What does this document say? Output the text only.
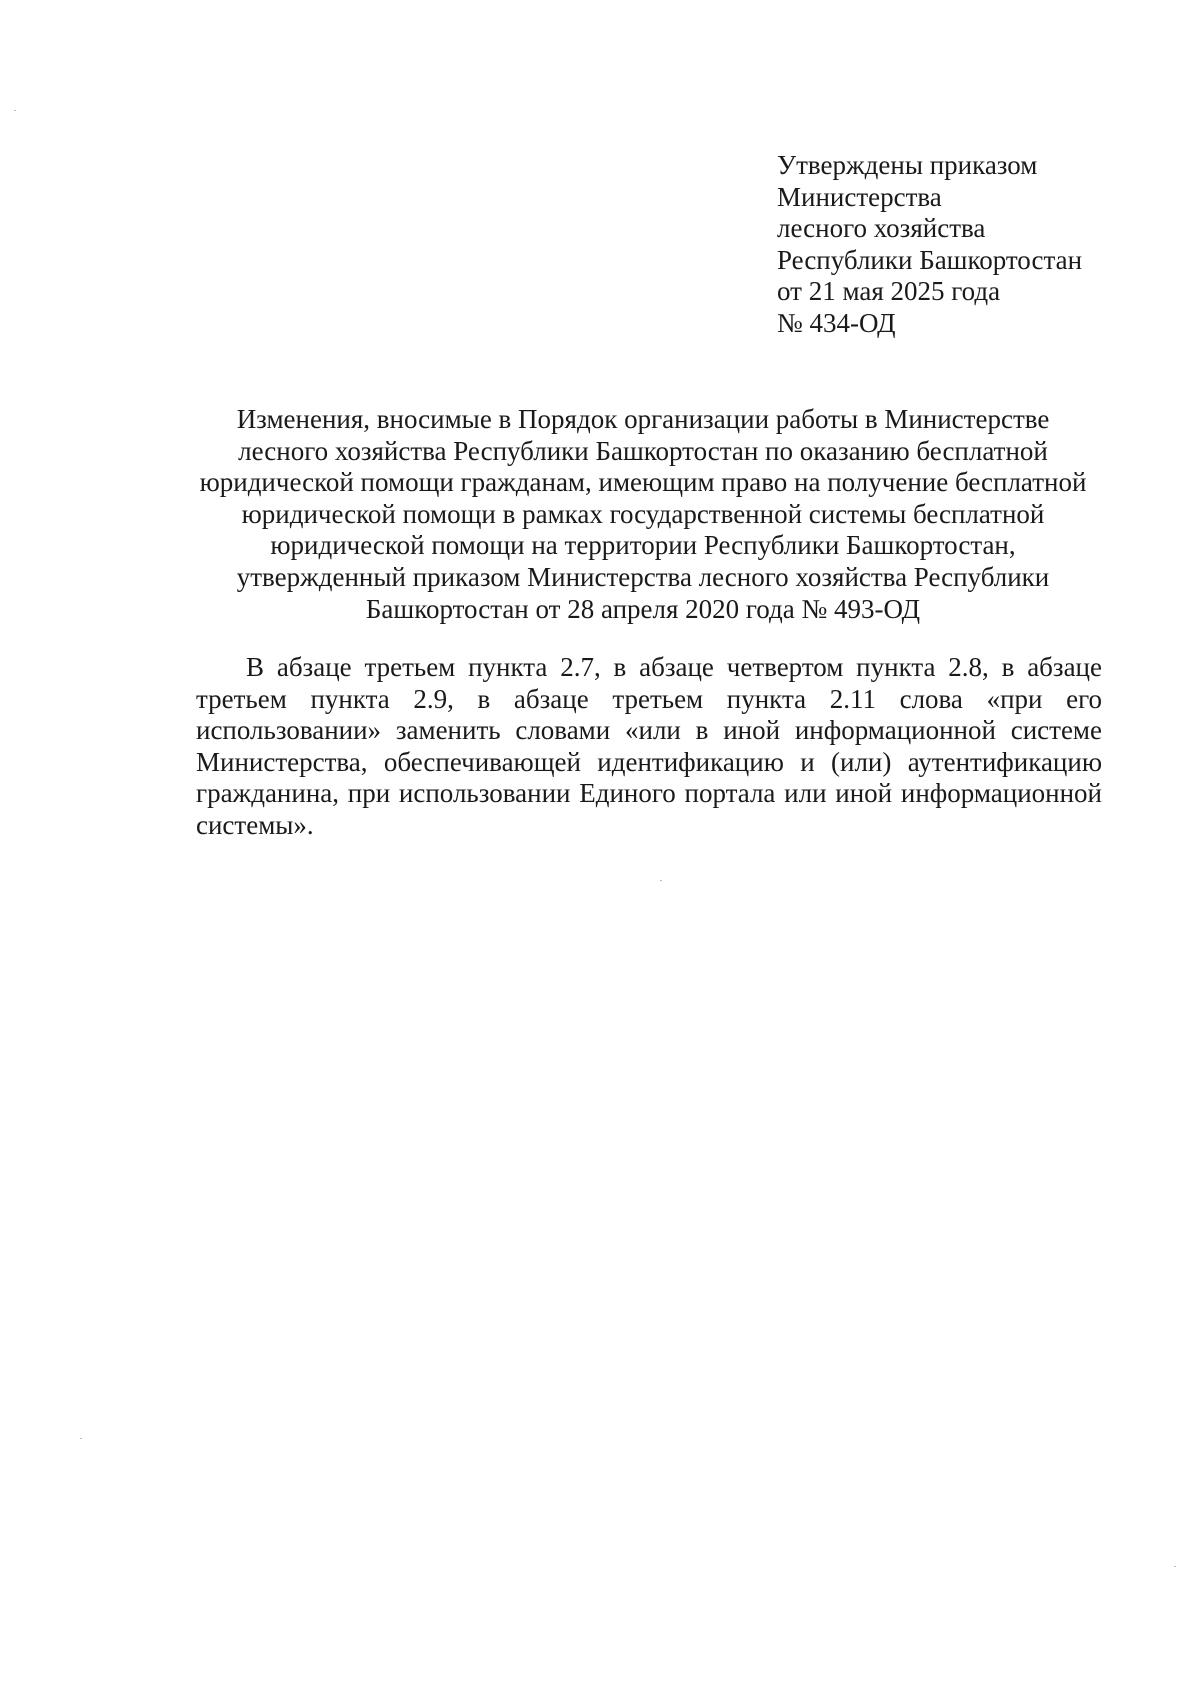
Утверждены приказом
Министерства
лесного хозяйства
Республики Башкортостан
от 21 мая 2025 года
№ 434-ОД
Изменения, вносимые в Порядок организации работы в Министерстве
лесного хозяйства Республики Башкортостан по оказанию бесплатной
юридической помощи гражданам, имеющим право на получение бесплатной
юридической помощи в рамках государственной системы бесплатной
юридической помощи на территории Республики Башкортостан,
утвержденный приказом Министерства лесного хозяйства Республики
Башкортостан от 28 апреля 2020 года № 493-ОД
В абзаце третьем пункта 2.7, в абзаце четвертом пункта 2.8, в абзаце
третьем пункта 2.9, в абзаце третьем пункта 2.11 слова «при его
использовании» заменить словами «или в иной информационной системе
Министерства, обеспечивающей идентификацию и (или) аутентификацию
гражданина, при использовании Единого портала или иной информационной
системы».
